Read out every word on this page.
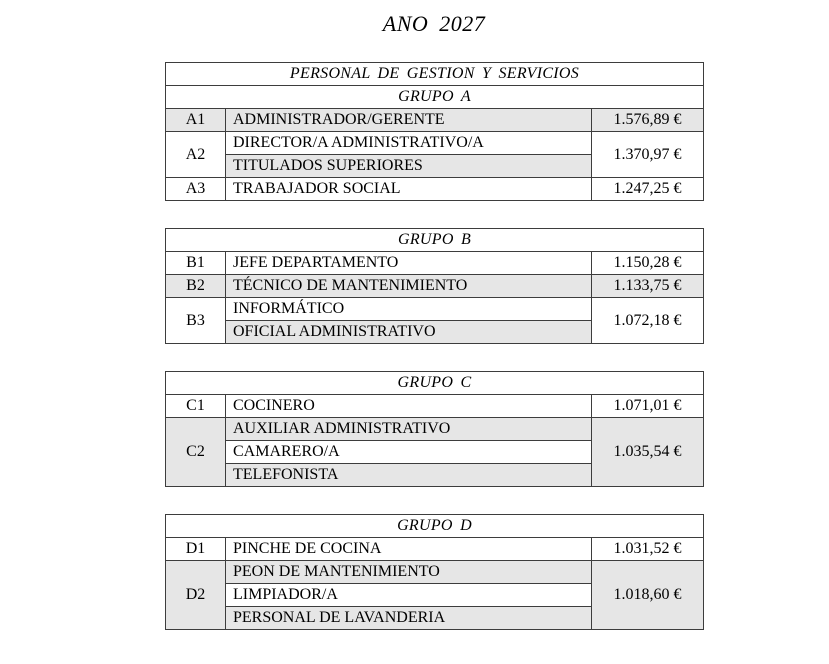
ANO 2027
PERSONAL DE GESTION Y SERVICIOS		
GRUPO A		
A1	ADMINISTRADOR/GERENTE	1.576,89 €
A2	DIRECTOR/A ADMINISTRATIVO/A	1.370,97 €
	TITULADOS SUPERIORES	
A3	TRABAJADOR SOCIAL	1.247,25 €
GRUPO B		
B1	JEFE DEPARTAMENTO	1.150,28 €
B2	TÉCNICO DE MANTENIMIENTO	1.133,75 €
B3	INFORMÁTICO	1.072,18 €
	OFICIAL ADMINISTRATIVO	
GRUPO C		
C1	COCINERO	1.071,01 €
C2	AUXILIAR ADMINISTRATIVO	1.035,54 €
	CAMARERO/A	
	TELEFONISTA	
GRUPO D		
D1	PINCHE DE COCINA	1.031,52 €
D2	PEON DE MANTENIMIENTO	1.018,60 €
	LIMPIADOR/A	
	PERSONAL DE LAVANDERIA	
